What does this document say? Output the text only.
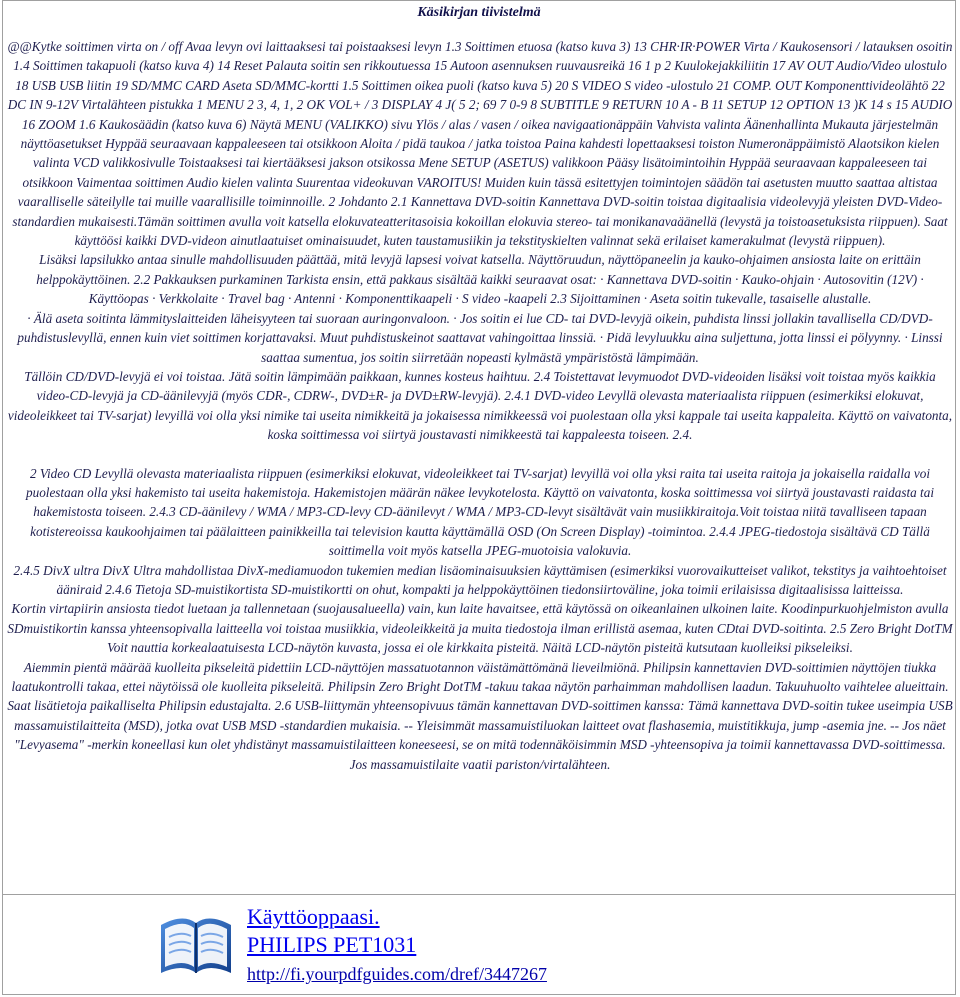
Käsikirjan tiivistelmä

@@Kytke soittimen virta on / off Avaa levyn ovi laittaaksesi tai poistaaksesi levyn 1.3 Soittimen etuosa (katso kuva 3) 13 CHR·IR·POWER Virta / Kaukosensori / latauksen osoitin 1.4 Soittimen takapuoli (katso kuva 4) 14 Reset Palauta soitin sen rikkoutuessa 15 Autoon asennuksen ruuvausreikä 16 1 p 2 Kuulokejakkiliitin 17 AV OUT Audio/Video ulostulo 18 USB USB liitin 19 SD/MMC CARD Aseta SD/MMC-kortti 1.5 Soittimen oikea puoli (katso kuva 5) 20 S VIDEO S video -ulostulo 21 COMP. OUT Komponenttivideolähtö 22 DC IN 9-12V Virtalähteen pistukka 1 MENU 2 3, 4, 1, 2 OK VOL+ / 3 DISPLAY 4 J( 5 2; 69 7 0-9 8 SUBTITLE 9 RETURN 10 A - B 11 SETUP 12 OPTION 13 )K 14 s 15 AUDIO 16 ZOOM 1.6 Kaukosäädin (katso kuva 6) Näytä MENU (VALIKKO) sivu Ylös / alas / vasen / oikea navigaationäppäin Vahvista valinta Äänenhallinta Mukauta järjestelmän näyttöasetukset Hyppää seuraavaan kappaleeseen tai otsikkoon Aloita / pidä taukoa / jatka toistoa Paina kahdesti lopettaaksesi toiston Numeronäppäimistö Alaotsikon kielen valinta VCD valikkosivulle Toistaaksesi tai kiertääksesi jakson otsikossa Mene SETUP (ASETUS) valikkoon Pääsy lisätoimintoihin Hyppää seuraavaan kappaleeseen tai otsikkoon Vaimentaa soittimen Audio kielen valinta Suurentaa videokuvan VAROITUS! Muiden kuin tässä esitettyjen toimintojen säädön tai asetusten muutto saattaa altistaa vaaralliselle säteilylle tai muille vaarallisille toiminnoille. 2 Johdanto 2.1 Kannettava DVD-soitin Kannettava DVD-soitin toistaa digitaalisia videolevyjä yleisten DVD-Video-standardien mukaisesti.Tämän soittimen avulla voit katsella elokuvateatteritasoisia kokoillan elokuvia stereo- tai monikanavaäänellä (levystä ja toistoasetuksista riippuen). Saat käyttöösi kaikki DVD-videon ainutlaatuiset ominaisuudet, kuten taustamusiikin ja tekstityskielten valinnat sekä erilaiset kamerakulmat (levystä riippuen).

Lisäksi lapsilukko antaa sinulle mahdollisuuden päättää, mitä levyjä lapsesi voivat katsella. Näyttöruudun, näyttöpaneelin ja kauko-ohjaimen ansiosta laite on erittäin helppokäyttöinen. 2.2 Pakkauksen purkaminen Tarkista ensin, että pakkaus sisältää kaikki seuraavat osat: · Kannettava DVD-soitin · Kauko-ohjain · Autosovitin (12V) · Käyttöopas · Verkkolaite · Travel bag · Antenni · Komponenttikaapeli · S video -kaapeli 2.3 Sijoittaminen · Aseta soitin tukevalle, tasaiselle alustalle.

· Älä aseta soitinta lämmityslaitteiden läheisyyteen tai suoraan auringonvaloon. · Jos soitin ei lue CD- tai DVD-levyjä oikein, puhdista linssi jollakin tavallisella CD/DVD-puhdistuslevyllä, ennen kuin viet soittimen korjattavaksi. Muut puhdistuskeinot saattavat vahingoittaa linssiä. · Pidä levyluukku aina suljettuna, jotta linssi ei pölyynny. · Linssi saattaa sumentua, jos soitin siirretään nopeasti kylmästä ympäristöstä lämpimään.

Tällöin CD/DVD-levyjä ei voi toistaa. Jätä soitin lämpimään paikkaan, kunnes kosteus haihtuu. 2.4 Toistettavat levymuodot DVD-videoiden lisäksi voit toistaa myös kaikkia video-CD-levyjä ja CD-äänilevyjä (myös CDR-, CDRW-, DVD±R- ja DVD±RW-levyjä). 2.4.1 DVD-video Levyllä olevasta materiaalista riippuen (esimerkiksi elokuvat, videoleikkeet tai TV-sarjat) levyillä voi olla yksi nimike tai useita nimikkeitä ja jokaisessa nimikkeessä voi puolestaan olla yksi kappale tai useita kappaleita. Käyttö on vaivatonta, koska soittimessa voi siirtyä joustavasti nimikkeestä tai kappaleesta toiseen. 2.4.

2 Video CD Levyllä olevasta materiaalista riippuen (esimerkiksi elokuvat, videoleikkeet tai TV-sarjat) levyillä voi olla yksi raita tai useita raitoja ja jokaisella raidalla voi puolestaan olla yksi hakemisto tai useita hakemistoja. Hakemistojen määrän näkee levykotelosta. Käyttö on vaivatonta, koska soittimessa voi siirtyä joustavasti raidasta tai hakemistosta toiseen. 2.4.3 CD-äänilevy / WMA / MP3-CD-levy CD-äänilevyt / WMA / MP3-CD-levyt sisältävät vain musiikkiraitoja.Voit toistaa niitä tavalliseen tapaan kotistereoissa kaukoohjaimen tai päälaitteen painikkeilla tai television kautta käyttämällä OSD (On Screen Display) -toimintoa. 2.4.4 JPEG-tiedostoja sisältävä CD Tällä soittimella voit myös katsella JPEG-muotoisia valokuvia.

2.4.5 DivX ultra DivX Ultra mahdollistaa DivX-mediamuodon tukemien median lisäominaisuuksien käyttämisen (esimerkiksi vuorovaikutteiset valikot, tekstitys ja vaihtoehtoiset ääniraid 2.4.6 Tietoja SD-muistikortista SD-muistikortti on ohut, kompakti ja helppokäyttöinen tiedonsiirtoväline, joka toimii erilaisissa digitaalisissa laitteissa.

Kortin virtapiirin ansiosta tiedot luetaan ja tallennetaan (suojausalueella) vain, kun laite havaitsee, että käytössä on oikeanlainen ulkoinen laite. Koodinpurkuohjelmiston avulla SDmuistikortin kanssa yhteensopivalla laitteella voi toistaa musiikkia, videoleikkeitä ja muita tiedostoja ilman erillistä asemaa, kuten CDtai DVD-soitinta. 2.5 Zero Bright DotTM Voit nauttia korkealaatuisesta LCD-näytön kuvasta, jossa ei ole kirkkaita pisteitä. Näitä LCD-näytön pisteitä kutsutaan kuolleiksi pikseleiksi.

Aiemmin pientä määrää kuolleita pikseleitä pidettiin LCD-näyttöjen massatuotannon väistämättömänä lieveilmiönä. Philipsin kannettavien DVD-soittimien näyttöjen tiukka laatukontrolli takaa, ettei näytöissä ole kuolleita pikseleitä. Philipsin Zero Bright DotTM -takuu takaa näytön parhaimman mahdollisen laadun. Takuuhuolto vaihtelee alueittain. Saat lisätietoja paikalliselta Philipsin edustajalta. 2.6 USB-liittymän yhteensopivuus tämän kannettavan DVD-soittimen kanssa: Tämä kannettava DVD-soitin tukee useimpia USB massamuistilaitteita (MSD), jotka ovat USB MSD -standardien mukaisia. -- Yleisimmät massamuistiluokan laitteet ovat flashasemia, muistitikkuja, jump -asemia jne. -- Jos näet "Levyasema" -merkin koneellasi kun olet yhdistänyt massamuistilaitteen koneeseesi, se on mitä todennäköisimmin MSD -yhteensopiva ja toimii kannettavassa DVD-soittimessa. Jos massamuistilaite vaatii pariston/virtalähteen.

Käyttöoppaasi.
PHILIPS PET1031
http://fi.yourpdfguides.com/dref/3447267
